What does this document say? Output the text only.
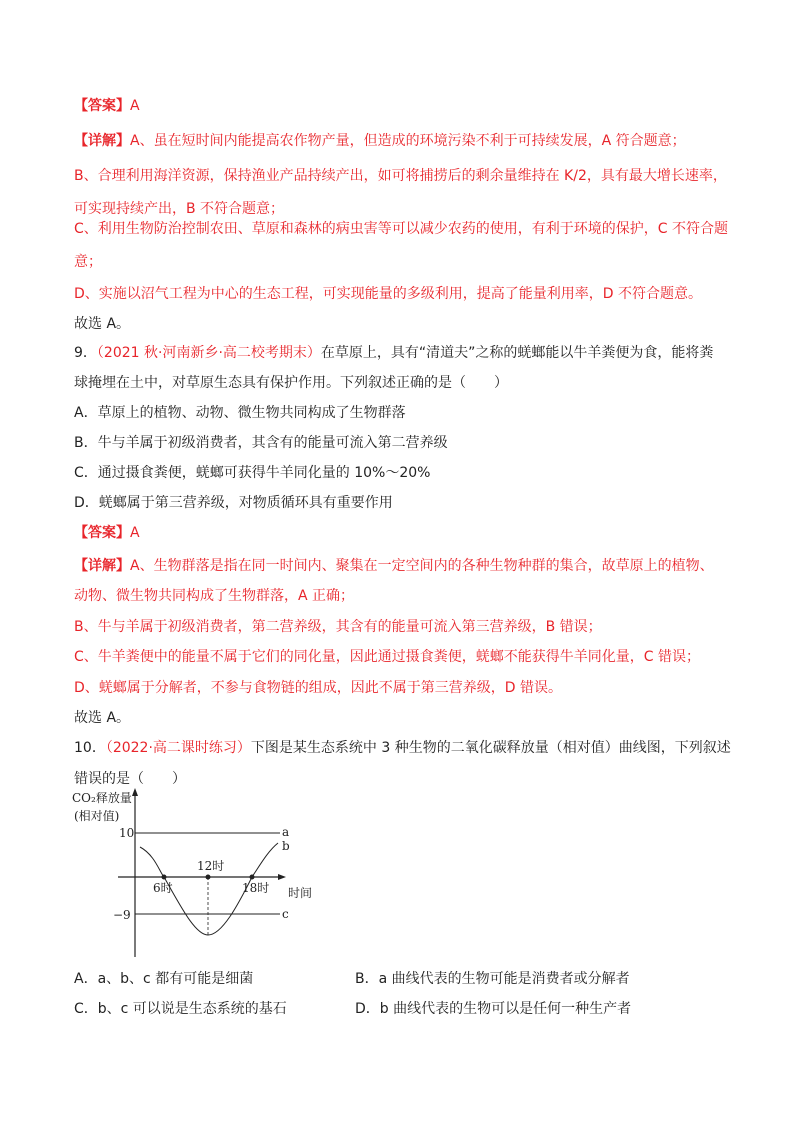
【答案】A
【详解】A、虽在短时间内能提高农作物产量，但造成的环境污染不利于可持续发展，A 符合题意；
B、合理利用海洋资源，保持渔业产品持续产出，如可将捕捞后的剩余量维持在 K/2，具有最大增长速率，
可实现持续产出，B 不符合题意；
C、利用生物防治控制农田、草原和森林的病虫害等可以减少农药的使用，有利于环境的保护，C 不符合题
意；
D、实施以沼气工程为中心的生态工程，可实现能量的多级利用，提高了能量利用率，D 不符合题意。
故选 A。
9．（2021 秋·河南新乡·高二校考期末）在草原上，具有“清道夫”之称的蜣螂能以牛羊粪便为食，能将粪
球掩埋在土中，对草原生态具有保护作用。下列叙述正确的是（　　）
A．草原上的植物、动物、微生物共同构成了生物群落
B．牛与羊属于初级消费者，其含有的能量可流入第二营养级
C．通过摄食粪便，蜣螂可获得牛羊同化量的 10%～20%
D．蜣螂属于第三营养级，对物质循环具有重要作用
【答案】A
【详解】A、生物群落是指在同一时间内、聚集在一定空间内的各种生物种群的集合，故草原上的植物、
动物、微生物共同构成了生物群落，A 正确；
B、牛与羊属于初级消费者，第二营养级，其含有的能量可流入第三营养级，B 错误；
C、牛羊粪便中的能量不属于它们的同化量，因此通过摄食粪便，蜣螂不能获得牛羊同化量，C 错误；
D、蜣螂属于分解者，不参与食物链的组成，因此不属于第三营养级，D 错误。
故选 A。
10．（2022·高二课时练习）下图是某生态系统中 3 种生物的二氧化碳释放量（相对值）曲线图，下列叙述
错误的是（　　）
CO₂释放量
(相对值)
时间
10
−9
a
c
b
6时
12时
18时
A．a、b、c 都有可能是细菌	B．a 曲线代表的生物可能是消费者或分解者
C．b、c 可以说是生态系统的基石	D．b 曲线代表的生物可以是任何一种生产者
